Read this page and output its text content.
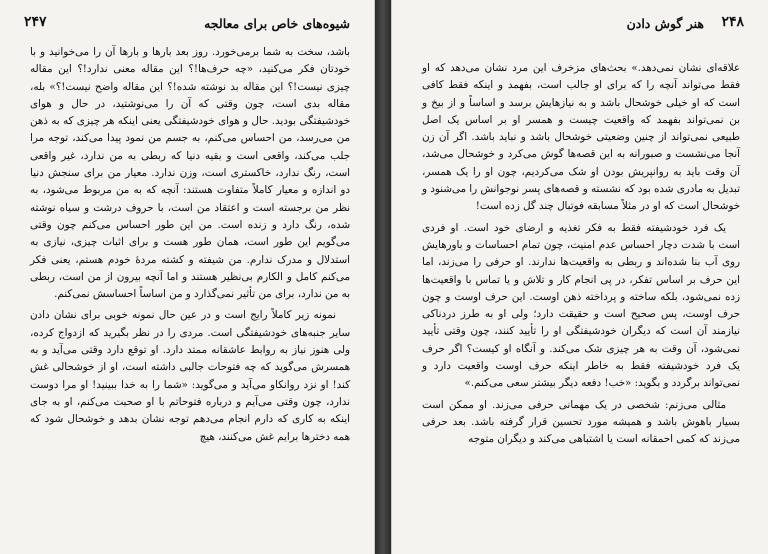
شیوه‌های خاص برای معالجه
۲۴۷

باشد، سخت به شما برمی‌خورد. روز بعد بارها و بارها آن را می‌خوانید و با خودتان فکر می‌کنید، «چه حرف‌ها!؟ این مقاله معنی ندارد!؟ این مقاله چیزی نیست!؟ این مقاله بد نوشته شده!؟ این مقاله واضح نیست!؟» بله، مقاله بدی است، چون وقتی که آن را می‌نوشتید، در حال و هوای خودشیفتگی بودید. حال و هوای خودشیفتگی یعنی اینکه هر چیزی که به ذهن من می‌رسد، من احساس می‌کنم، به جسم من نمود پیدا می‌کند، توجه مرا جلب می‌کند، واقعی است و بقیه دنیا که ربطی به من ندارد، غیر واقعی است، رنگ ندارد، خاکستری است، وزن ندارد. معیار من برای سنجش دنیا دو اندازه و معیار کاملاً متفاوت هستند: آنچه که به من مربوط می‌شود، به نظر من برجسته است و اعتقاد من است، با حروف درشت و سیاه نوشته شده، رنگ دارد و زنده است. من این طور احساس می‌کنم چون وقتی می‌گویم این طور است، همان طور هست و برای اثبات چیزی، نیازی به استدلال و مدرک ندارم. من شیفته و کشته مردهٔ خودم هستم، یعنی فکر می‌کنم کامل و الکارم بی‌نظیر هستند و اما آنچه بیرون از من است، ربطی به من ندارد، برای من تأثیر نمی‌گذارد و من اساساً احساسش نمی‌کنم.

نمونه زیر کاملاً رایج است و در عین حال نمونه خوبی برای نشان دادن سایر جنبه‌های خودشیفتگی است. مردی را در نظر بگیرید که ازدواج کرده، ولی هنوز نیاز به روابط عاشقانه ممتد دارد. او توقع دارد وقتی می‌آید و به همسرش می‌گوید که چه فتوحات جالبی داشته است، او از خوشحالی غش کند! او نزد روانکاو می‌آید و می‌گوید: «شما را به خدا ببینید! او مرا دوست ندارد، چون وقتی می‌آیم و درباره فتوحاتم با او صحبت می‌کنم، او به جای اینکه به کاری که دارم انجام می‌دهم توجه نشان بدهد و خوشحال شود که همه دخترها برایم غش می‌کنند، هیچ

۲۴۸
هنر گوش دادن

علاقه‌ای نشان نمی‌دهد.» بحث‌های مزخرف این مرد نشان می‌دهد که او فقط می‌تواند آنچه را که برای او جالب است، بفهمد و اینکه فقط کافی است که او خیلی خوشحال باشد و به نیازهایش برسد و اساساً و از بیخ و بن نمی‌تواند بفهمد که واقعیت چیست و همسر او بر اساس یک اصل طبیعی نمی‌تواند از چنین وضعیتی خوشحال باشد و نباید باشد. اگر آن زن آنجا می‌نشست و صبورانه به این قصه‌ها گوش می‌کرد و خوشحال می‌شد، آن وقت باید به روانپریش بودن او شک می‌کردیم، چون او را یک همسر، تبدیل به مادری شده بود که نشسته و قصه‌های پسر نوجوانش را می‌شنود و خوشحال است که او در مثلاً مسابقه فوتبال چند گل زده است!

یک فرد خودشیفته فقط به فکر تغذیه و ارضای خود است. او فردی است با شدت دچار احساس عدم امنیت، چون تمام احساسات و باورهایش روی آب بنا شده‌اند و ربطی به واقعیت‌ها ندارند. او حرفی را می‌زند، اما این حرف بر اساس تفکر، در پی انجام کار و تلاش و یا تماس با واقعیت‌ها زده نمی‌شود، بلکه ساخته و پرداخته ذهن اوست. این حرف اوست و چون حرف اوست، پس صحیح است و حقیقت دارد؛ ولی او به طرز دردناکی نیازمند آن است که دیگران خودشیفتگی او را تأیید کنند، چون وقتی تأیید نمی‌شود، آن وقت به هر چیزی شک می‌کند. و آنگاه او کیست؟ اگر حرف یک فرد خودشیفته فقط به خاطر اینکه حرف اوست واقعیت دارد و نمی‌تواند برگردد و بگوید: «خب! دفعه دیگر بیشتر سعی می‌کنم.»

مثالی می‌زنم: شخصی در یک مهمانی حرفی می‌زند. او ممکن است بسیار باهوش باشد و همیشه مورد تحسین قرار گرفته باشد. بعد حرفی می‌زند که کمی احمقانه است یا اشتباهی می‌کند و دیگران متوجه
